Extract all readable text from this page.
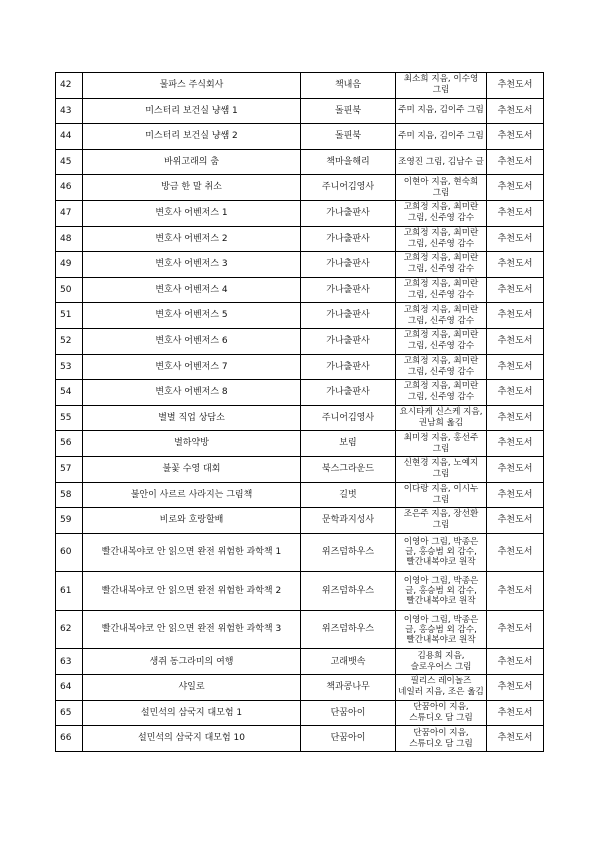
42	물파스 주식회사	책내음	최소희 지음, 이수영 그림	추천도서
43	미스터리 보건실 냥쌤 1	돌핀북	주미 지음, 김이주 그림	추천도서
44	미스터리 보건실 냥쌤 2	돌핀북	주미 지음, 김이주 그림	추천도서
45	바위고래의 춤	책마을해리	조영진 그림, 김남수 글	추천도서
46	방금 한 말 취소	주니어김영사	이현아 지음, 현숙희 그림	추천도서
47	변호사 어벤저스 1	가나출판사	고희정 지음, 최미란 그림, 신주영 감수	추천도서
48	변호사 어벤저스 2	가나출판사	고희정 지음, 최미란 그림, 신주영 감수	추천도서
49	변호사 어벤저스 3	가나출판사	고희정 지음, 최미란 그림, 신주영 감수	추천도서
50	변호사 어벤저스 4	가나출판사	고희정 지음, 최미란 그림, 신주영 감수	추천도서
51	변호사 어벤저스 5	가나출판사	고희정 지음, 최미란 그림, 신주영 감수	추천도서
52	변호사 어벤저스 6	가나출판사	고희정 지음, 최미란 그림, 신주영 감수	추천도서
53	변호사 어벤저스 7	가나출판사	고희정 지음, 최미란 그림, 신주영 감수	추천도서
54	변호사 어벤저스 8	가나출판사	고희정 지음, 최미란 그림, 신주영 감수	추천도서
55	별별 직업 상담소	주니어김영사	요시타케 신스케 지음, 권남희 옮김	추천도서
56	별하약방	보림	최미정 지음, 홍선주 그림	추천도서
57	불꽃 수영 대회	북스그라운드	신현경 지음, 노예지 그림	추천도서
58	불안이 사르르 사라지는 그림책	길벗	이다랑 지음, 이시누 그림	추천도서
59	비로와 호랑할배	문학과지성사	조은주 지음, 장선환 그림	추천도서
60	빨간내복야코 안 읽으면 완전 위험한 과학책 1	위즈덤하우스	이영아 그림, 박종은 글, 홍승범 외 감수, 빨간내복야코 원작	추천도서
61	빨간내복야코 안 읽으면 완전 위험한 과학책 2	위즈덤하우스	이영아 그림, 박종은 글, 홍승범 외 감수, 빨간내복야코 원작	추천도서
62	빨간내복야코 안 읽으면 완전 위험한 과학책 3	위즈덤하우스	이영아 그림, 박종은 글, 홍승범 외 감수, 빨간내복야코 원작	추천도서
63	생쥐 동그라미의 여행	고래뱃속	김용희 지음, 슬로우어스 그림	추천도서
64	샤일로	책과콩나무	필리스 레이놀즈 네일러 지음, 조은 옮김	추천도서
65	설민석의 삼국지 대모험 1	단꿈아이	단꿈아이 지음, 스튜디오 담 그림	추천도서
66	설민석의 삼국지 대모험 10	단꿈아이	단꿈아이 지음, 스튜디오 담 그림	추천도서
